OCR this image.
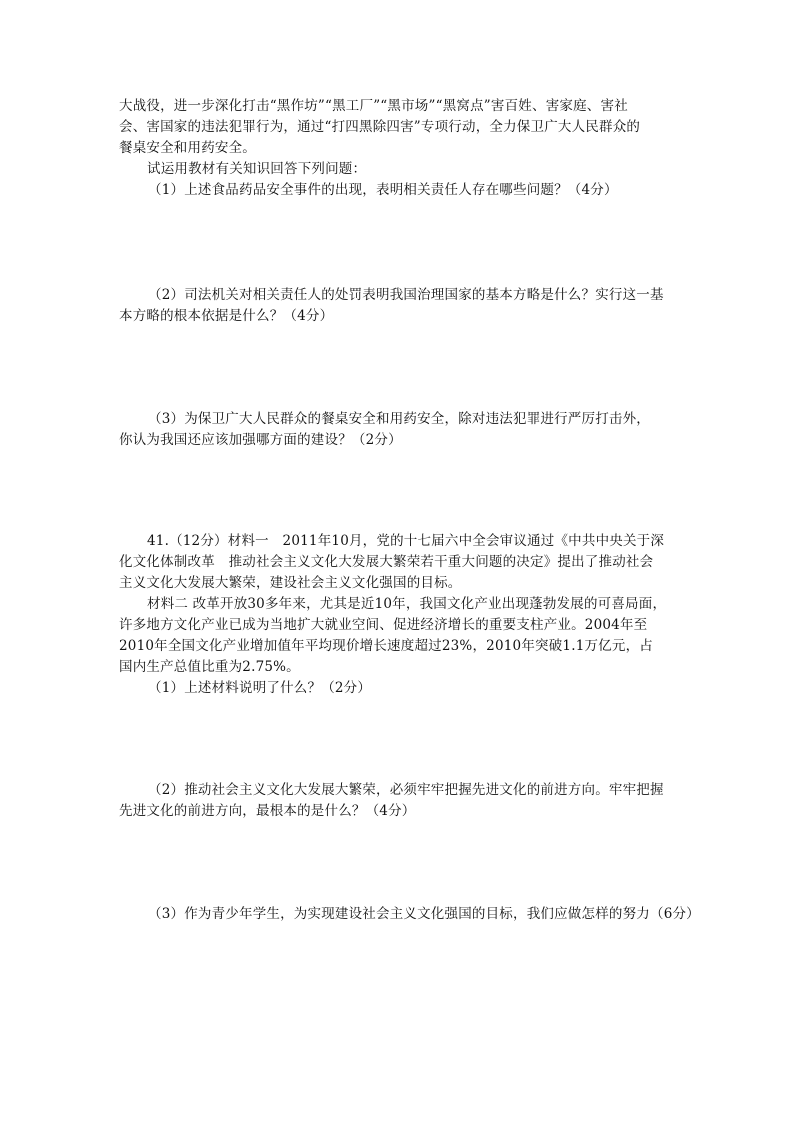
大战役，进一步深化打击“黑作坊”“黑工厂”“黑市场”“黑窝点”害百姓、害家庭、害社
会、害国家的违法犯罪行为，通过“打四黑除四害”专项行动，全力保卫广大人民群众的
餐桌安全和用药安全。
试运用教材有关知识回答下列问题：
（1）上述食品药品安全事件的出现，表明相关责任人存在哪些问题？（4分）
（2）司法机关对相关责任人的处罚表明我国治理国家的基本方略是什么？实行这一基
本方略的根本依据是什么？（4分）
（3）为保卫广大人民群众的餐桌安全和用药安全，除对违法犯罪进行严厉打击外，
你认为我国还应该加强哪方面的建设？（2分）
41.（12分）材料一　2011年10月，党的十七届六中全会审议通过《中共中央关于深
化文化体制改革　推动社会主义文化大发展大繁荣若干重大问题的决定》提出了推动社会
主义文化大发展大繁荣，建设社会主义文化强国的目标。
材料二 改革开放30多年来，尤其是近10年，我国文化产业出现蓬勃发展的可喜局面，
许多地方文化产业已成为当地扩大就业空间、促进经济增长的重要支柱产业。2004年至
2010年全国文化产业增加值年平均现价增长速度超过23%，2010年突破1.1万亿元，占
国内生产总值比重为2.75%。
（1）上述材料说明了什么？（2分）
（2）推动社会主义文化大发展大繁荣，必须牢牢把握先进文化的前进方向。牢牢把握
先进文化的前进方向，最根本的是什么？（4分）
（3）作为青少年学生，为实现建设社会主义文化强国的目标，我们应做怎样的努力（6分）
